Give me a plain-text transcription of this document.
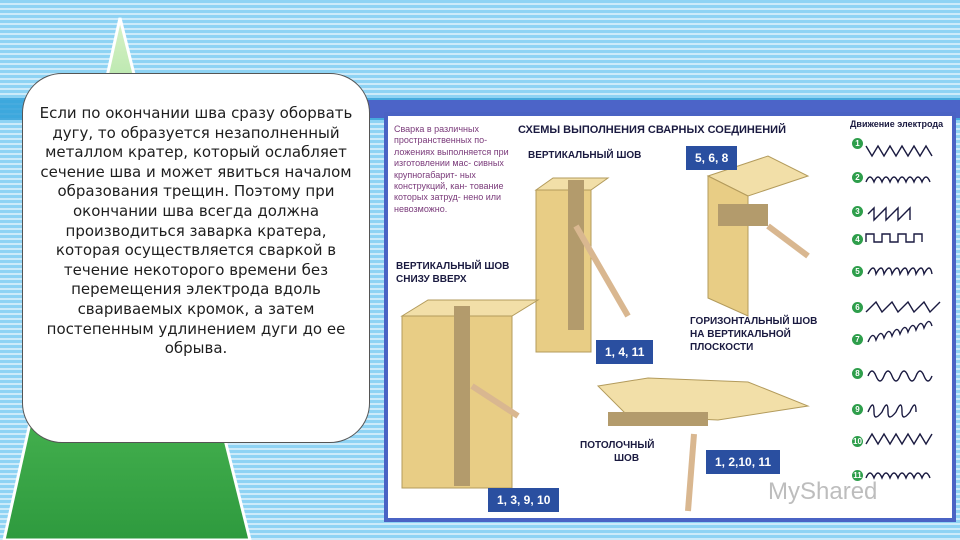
Если по окончании шва сразу оборвать дугу, то образуется незаполненный металлом кратер, который ослабляет сечение шва и может явиться началом образования трещин. Поэтому при окончании шва всегда должна производиться заварка кратера, которая осуществляется сваркой в течение некоторого времени без перемещения электрода вдоль свариваемых кромок, а затем постепенным удлинением дуги до ее обрыва.
Сварка в различных пространственных по- ложениях выполняется при изготовлении мас- сивных крупногабарит- ных конструкций, кан- тование которых затруд- нено или невозможно.
СХЕМЫ ВЫПОЛНЕНИЯ СВАРНЫХ СОЕДИНЕНИЙ	Движение электрода
ВЕРТИКАЛЬНЫЙ ШОВ
ВЕРТИКАЛЬНЫЙ ШОВ
СНИЗУ ВВЕРХ
ГОРИЗОНТАЛЬНЫЙ ШОВ
НА ВЕРТИКАЛЬНОЙ
ПЛОСКОСТИ
ПОТОЛОЧНЫЙ
ШОВ
5, 6, 8
1, 4, 11
1, 2,10, 11
1, 3, 9, 10
1
2
3
4
5
6
7
8
9
10
11
MyShared
